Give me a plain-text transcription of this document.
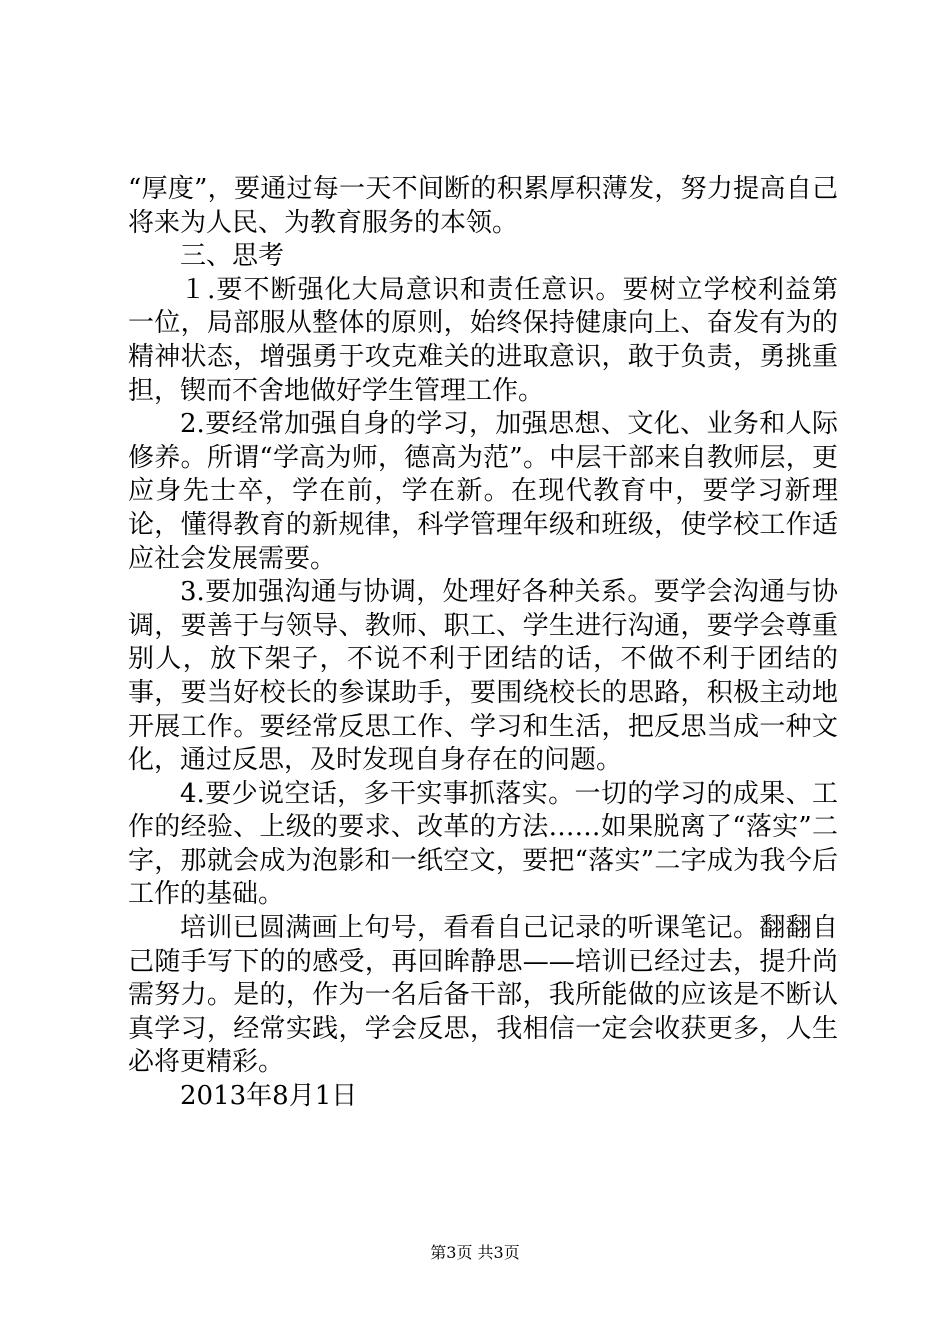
“厚度”，要通过每一天不间断的积累厚积薄发，努力提高自己将来为人民、为教育服务的本领。

三、思考

１.要不断强化大局意识和责任意识。要树立学校利益第一位，局部服从整体的原则，始终保持健康向上、奋发有为的精神状态，增强勇于攻克难关的进取意识，敢于负责，勇挑重担，锲而不舍地做好学生管理工作。

2.要经常加强自身的学习，加强思想、文化、业务和人际修养。所谓“学高为师，德高为范”。中层干部来自教师层，更应身先士卒，学在前，学在新。在现代教育中，要学习新理论，懂得教育的新规律，科学管理年级和班级，使学校工作适应社会发展需要。

3.要加强沟通与协调，处理好各种关系。要学会沟通与协调，要善于与领导、教师、职工、学生进行沟通，要学会尊重别人，放下架子，不说不利于团结的话，不做不利于团结的事，要当好校长的参谋助手，要围绕校长的思路，积极主动地开展工作。要经常反思工作、学习和生活，把反思当成一种文化，通过反思，及时发现自身存在的问题。

4.要少说空话，多干实事抓落实。一切的学习的成果、工作的经验、上级的要求、改革的方法……如果脱离了“落实”二字，那就会成为泡影和一纸空文，要把“落实”二字成为我今后工作的基础。

培训已圆满画上句号，看看自己记录的听课笔记。翻翻自己随手写下的的感受，再回眸静思——培训已经过去，提升尚需努力。是的，作为一名后备干部，我所能做的应该是不断认真学习，经常实践，学会反思，我相信一定会收获更多，人生必将更精彩。

2013年8月1日

第3页 共3页
